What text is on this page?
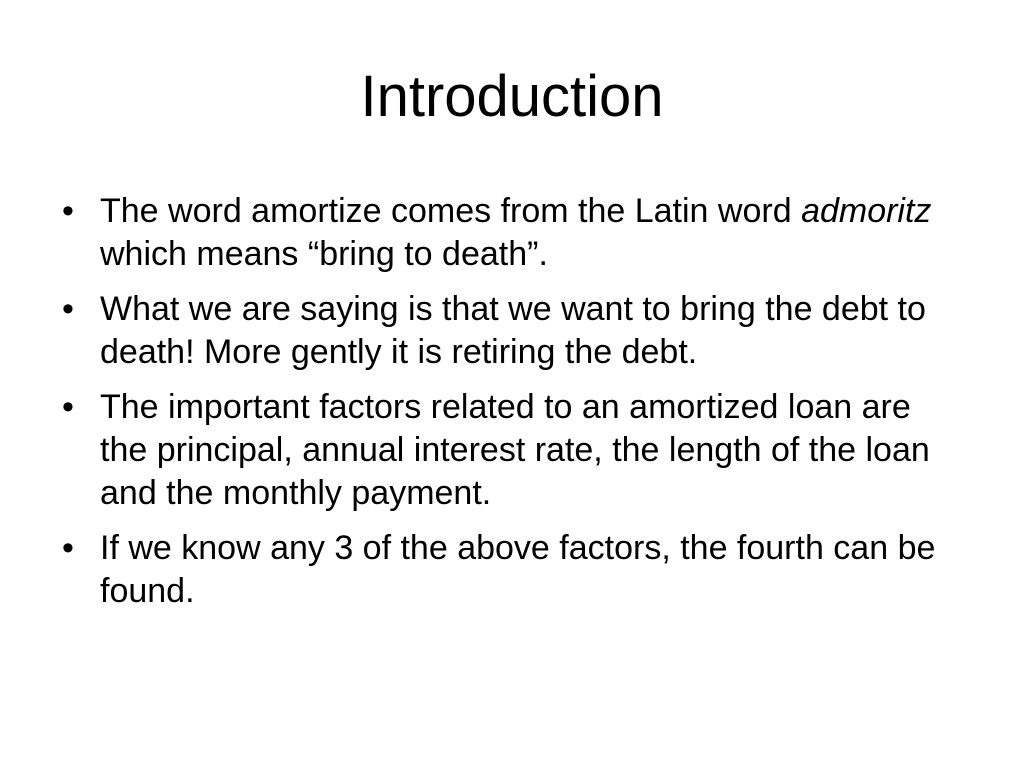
Introduction
• The word amortize comes from the Latin word admoritz which means “bring to death”.
• What we are saying is that we want to bring the debt to death! More gently it is retiring the debt.
• The important factors related to an amortized loan are the principal, annual interest rate, the length of the loan and the monthly payment.
• If we know any 3 of the above factors, the fourth can be found.
